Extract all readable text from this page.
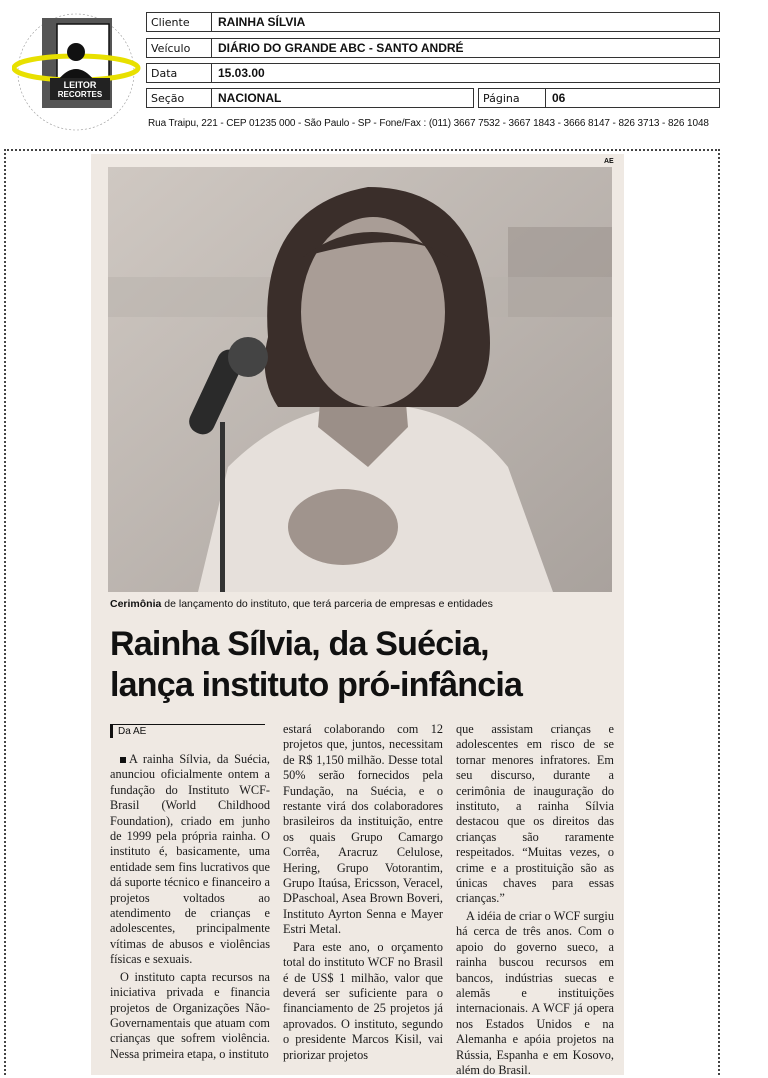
LEITOR
RECORTES
Cliente	RAINHA SÍLVIA
Veículo	DIÁRIO DO GRANDE ABC - SANTO ANDRÉ
Data	15.03.00
Seção	NACIONAL	Página	06
Rua Traipu, 221 - CEP 01235 000 - São Paulo - SP - Fone/Fax : (011) 3667 7532 - 3667 1843 - 3666 8147 - 826 3713 - 826 1048
AE
Cerimônia de lançamento do instituto, que terá parceria de empresas e entidades
Rainha Sílvia, da Suécia,
lança instituto pró-infância
Da AE

A rainha Sílvia, da Suécia, anunciou oficialmente ontem a fundação do Instituto WCF-Brasil (World Childhood Foundation), criado em junho de 1999 pela própria rainha. O instituto é, basicamente, uma entidade sem fins lucrativos que dá suporte técnico e financeiro a projetos voltados ao atendimento de crianças e adolescentes, principalmente vítimas de abusos e violências físicas e sexuais.

O instituto capta recursos na iniciativa privada e financia projetos de Organizações Não-Governamentais que atuam com crianças que sofrem violência. Nessa primeira etapa, o instituto

estará colaborando com 12 projetos que, juntos, necessitam de R$ 1,150 milhão. Desse total 50% serão fornecidos pela Fundação, na Suécia, e o restante virá dos colaboradores brasileiros da instituição, entre os quais Grupo Camargo Corrêa, Aracruz Celulose, Hering, Grupo Votorantim, Grupo Itaúsa, Ericsson, Veracel, DPaschoal, Asea Brown Boveri, Instituto Ayrton Senna e Mayer Estri Metal.

Para este ano, o orçamento total do instituto WCF no Brasil é de US$ 1 milhão, valor que deverá ser suficiente para o financiamento de 25 projetos já aprovados. O instituto, segundo o presidente Marcos Kisil, vai priorizar projetos

que assistam crianças e adolescentes em risco de se tornar menores infratores. Em seu discurso, durante a cerimônia de inauguração do instituto, a rainha Sílvia destacou que os direitos das crianças são raramente respeitados. “Muitas vezes, o crime e a prostituição são as únicas chaves para essas crianças.”

A idéia de criar o WCF surgiu há cerca de três anos. Com o apoio do governo sueco, a rainha buscou recursos em bancos, indústrias suecas e alemãs e instituições internacionais. A WCF já opera nos Estados Unidos e na Alemanha e apóia projetos na Rússia, Espanha e em Kosovo, além do Brasil.
